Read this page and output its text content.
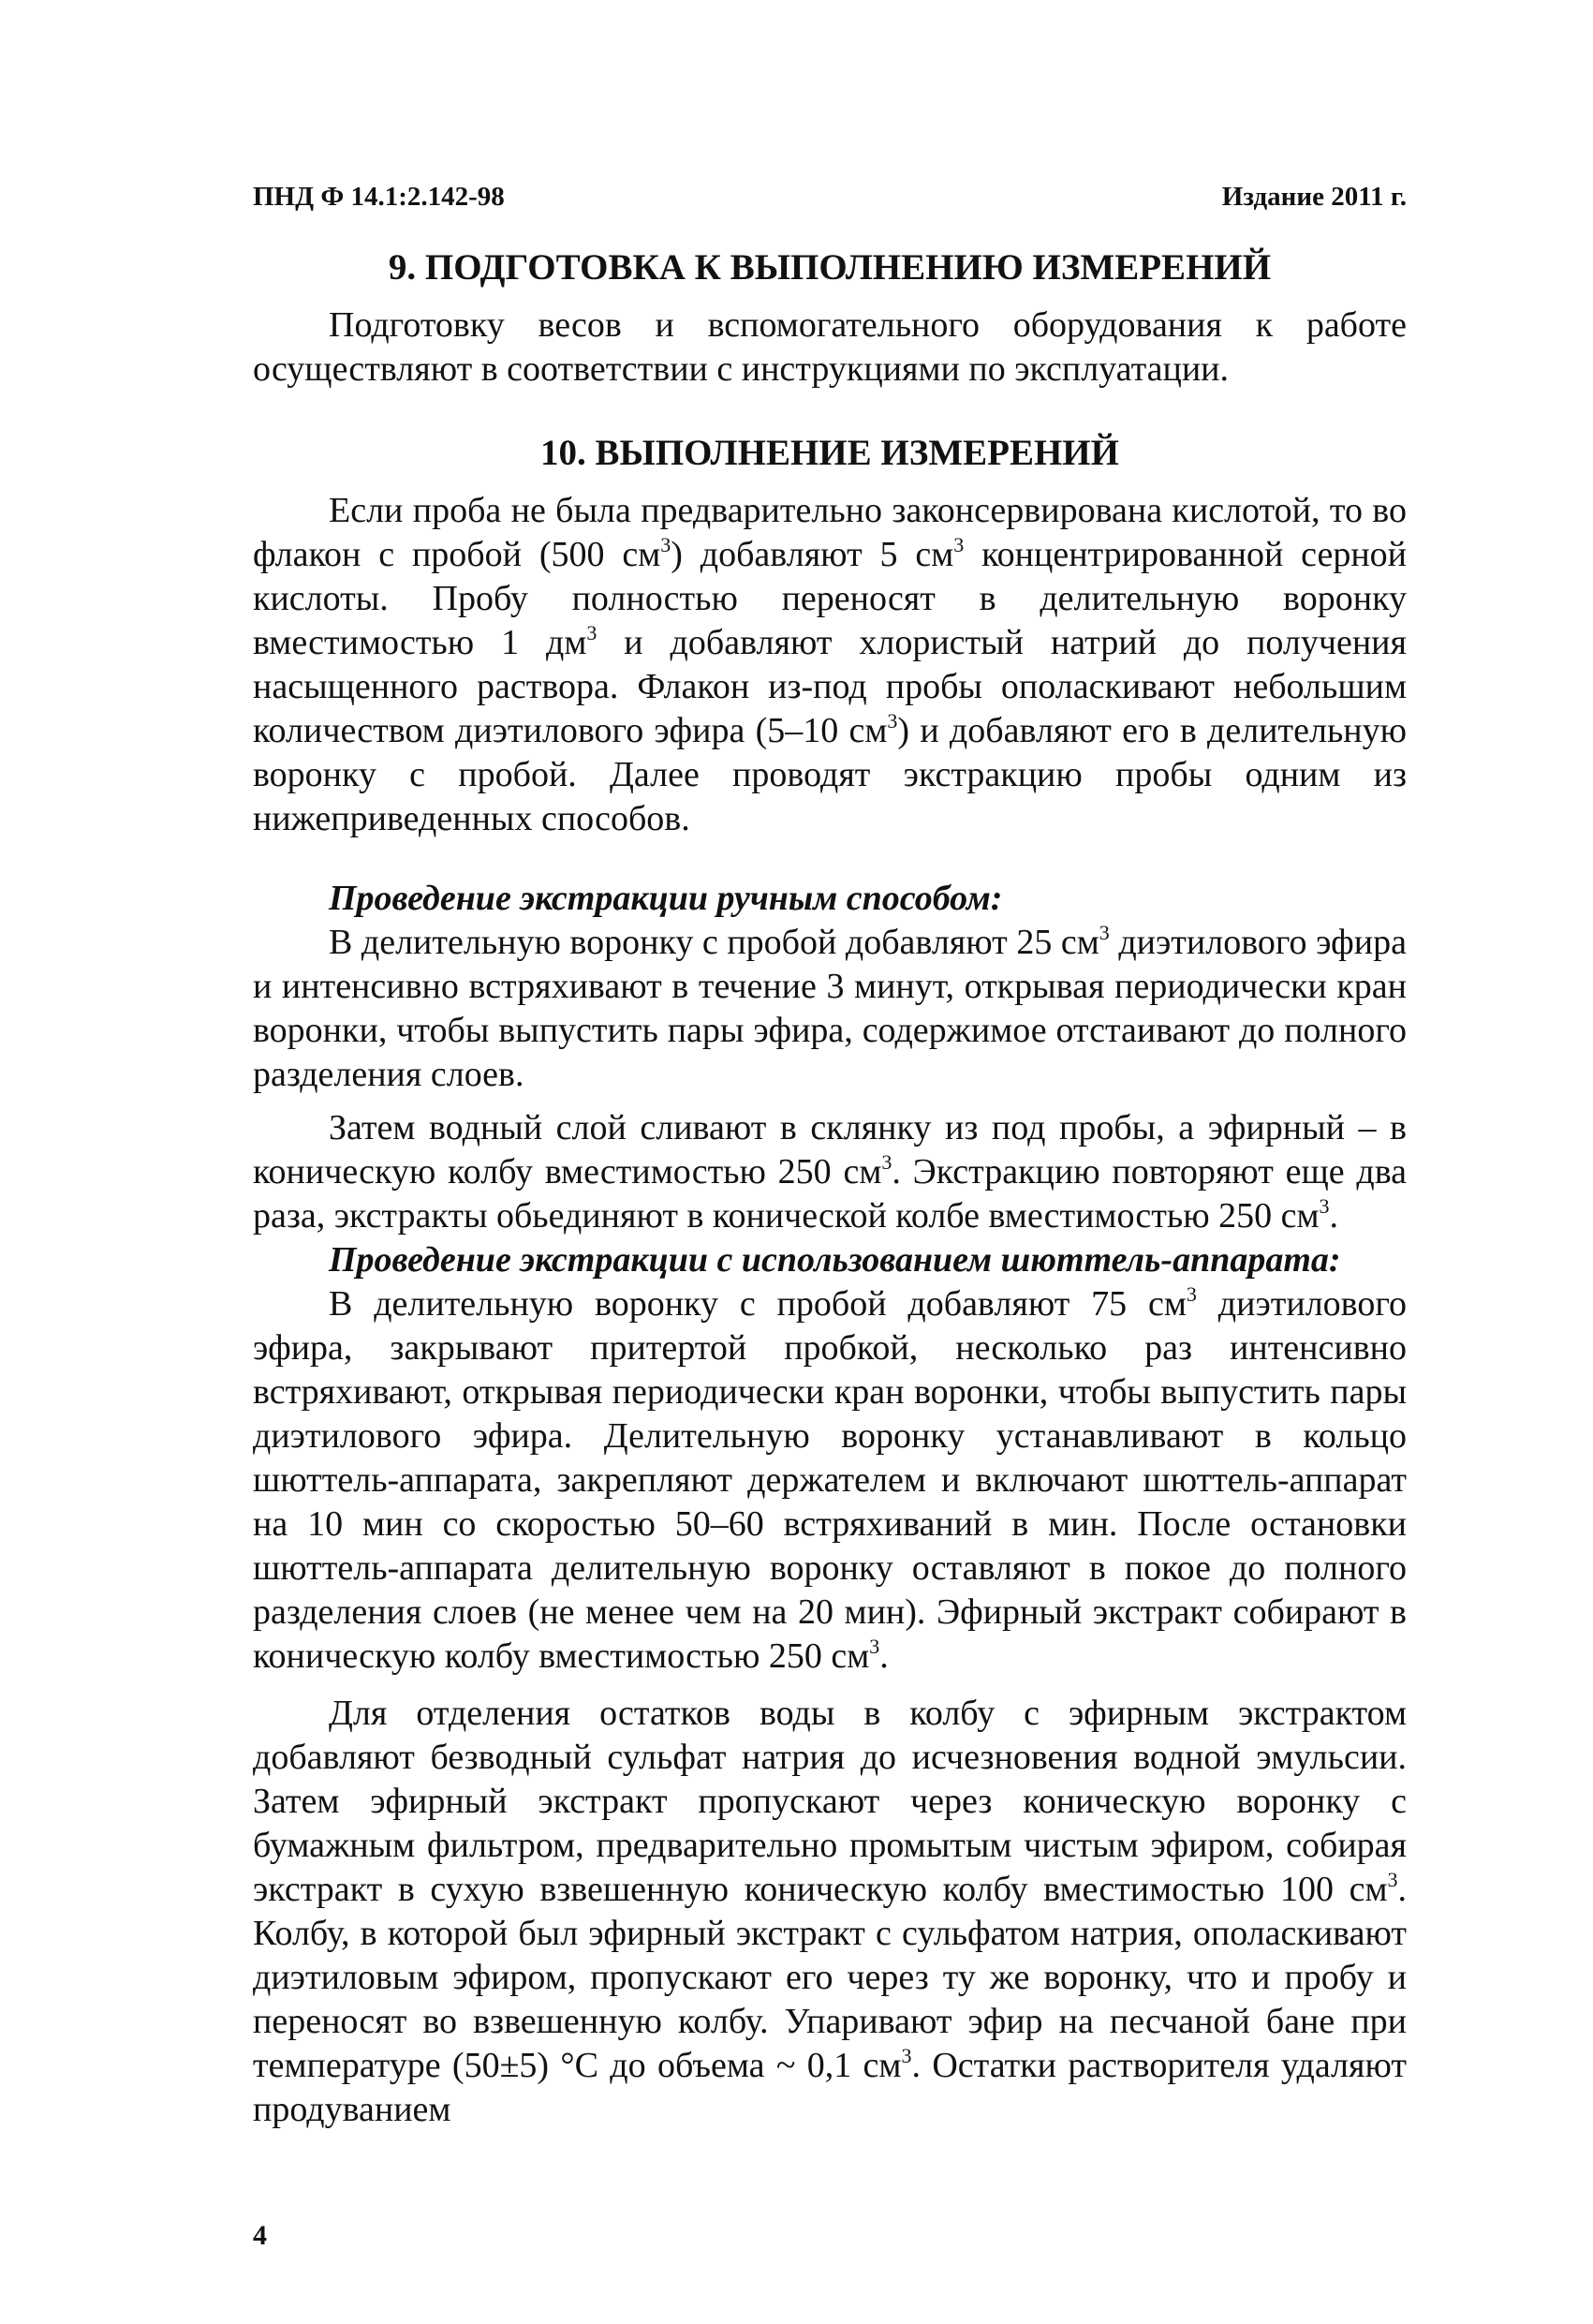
ПНД Ф 14.1:2.142-98	Издание 2011 г.
9. ПОДГОТОВКА К ВЫПОЛНЕНИЮ ИЗМЕРЕНИЙ

Подготовку весов и вспомогательного оборудования к работе осуществляют в соответствии с инструкциями по эксплуатации.

10. ВЫПОЛНЕНИЕ ИЗМЕРЕНИЙ

Если проба не была предварительно законсервирована кислотой, то во флакон с пробой (500 $см^3$) добавляют 5 $см^3$ концентрированной серной кислоты. Пробу полностью переносят в делительную воронку вместимостью 1 $дм^3$ и добавляют хлористый натрий до получения насыщенного раствора. Флакон из-под пробы ополаскивают небольшим количеством диэтилового эфира (5–10 $см^3$) и добавляют его в делительную воронку с пробой. Далее проводят экстракцию пробы одним из нижеприведенных способов.

Проведение экстракции ручным способом:

В делительную воронку с пробой добавляют 25 $см^3$ диэтилового эфира и интенсивно встряхивают в течение 3 минут, открывая периодически кран воронки, чтобы выпустить пары эфира, содержимое отстаивают до полного разделения слоев.

Затем водный слой сливают в склянку из под пробы, а эфирный – в коническую колбу вместимостью 250 $см^3$. Экстракцию повторяют еще два раза, экстракты обьединяют в конической колбе вместимостью 250 $см^3$.

Проведение экстракции с использованием шюттель-аппарата:

В делительную воронку с пробой добавляют 75 $см^3$ диэтилового эфира, закрывают притертой пробкой, несколько раз интенсивно встряхивают, открывая периодически кран воронки, чтобы выпустить пары диэтилового эфира. Делительную воронку устанавливают в кольцо шюттель-аппарата, закрепляют держателем и включают шюттель-аппарат на 10 мин со скоростью 50–60 встряхиваний в мин. После остановки шюттель-аппарата делительную воронку оставляют в покое до полного разделения слоев (не менее чем на 20 мин). Эфирный экстракт собирают в коническую колбу вместимостью 250 $см^3$.

Для отделения остатков воды в колбу с эфирным экстрактом добавляют безводный сульфат натрия до исчезновения водной эмульсии. Затем эфирный экстракт пропускают через коническую воронку с бумажным фильтром, предварительно промытым чистым эфиром, собирая экстракт в сухую взвешенную коническую колбу вместимостью 100 $см^3$. Колбу, в которой был эфирный экстракт с сульфатом натрия, ополаскивают диэтиловым эфиром, пропускают его через ту же воронку, что и пробу и переносят во взвешенную колбу. Упаривают эфир на песчаной бане при температуре (50±5) °С до объема ~ 0,1 $см^3$. Остатки растворителя удаляют продуванием

4
